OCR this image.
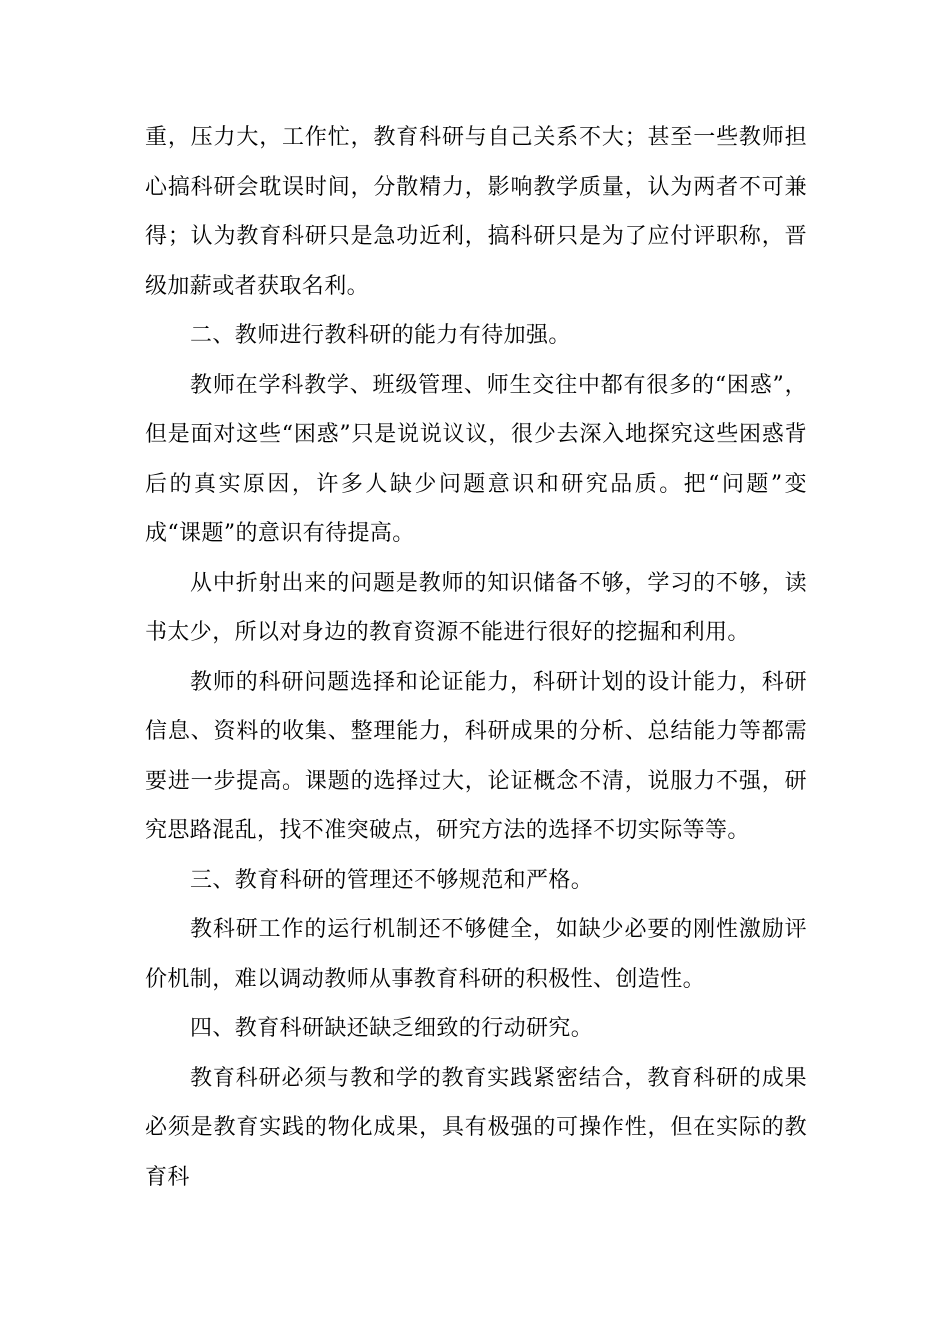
重，压力大，工作忙，教育科研与自己关系不大；甚至一些教师担心搞科研会耽误时间，分散精力，影响教学质量，认为两者不可兼得；认为教育科研只是急功近利，搞科研只是为了应付评职称，晋级加薪或者获取名利。

二、教师进行教科研的能力有待加强。

教师在学科教学、班级管理、师生交往中都有很多的“困惑”，但是面对这些“困惑”只是说说议议，很少去深入地探究这些困惑背后的真实原因，许多人缺少问题意识和研究品质。把“问题”变成“课题”的意识有待提高。

从中折射出来的问题是教师的知识储备不够，学习的不够，读书太少，所以对身边的教育资源不能进行很好的挖掘和利用。

教师的科研问题选择和论证能力，科研计划的设计能力，科研信息、资料的收集、整理能力，科研成果的分析、总结能力等都需要进一步提高。课题的选择过大，论证概念不清，说服力不强，研究思路混乱，找不准突破点，研究方法的选择不切实际等等。

三、教育科研的管理还不够规范和严格。

教科研工作的运行机制还不够健全，如缺少必要的刚性激励评价机制，难以调动教师从事教育科研的积极性、创造性。

四、教育科研缺还缺乏细致的行动研究。

教育科研必须与教和学的教育实践紧密结合，教育科研的成果必须是教育实践的物化成果，具有极强的可操作性，但在实际的教育科
